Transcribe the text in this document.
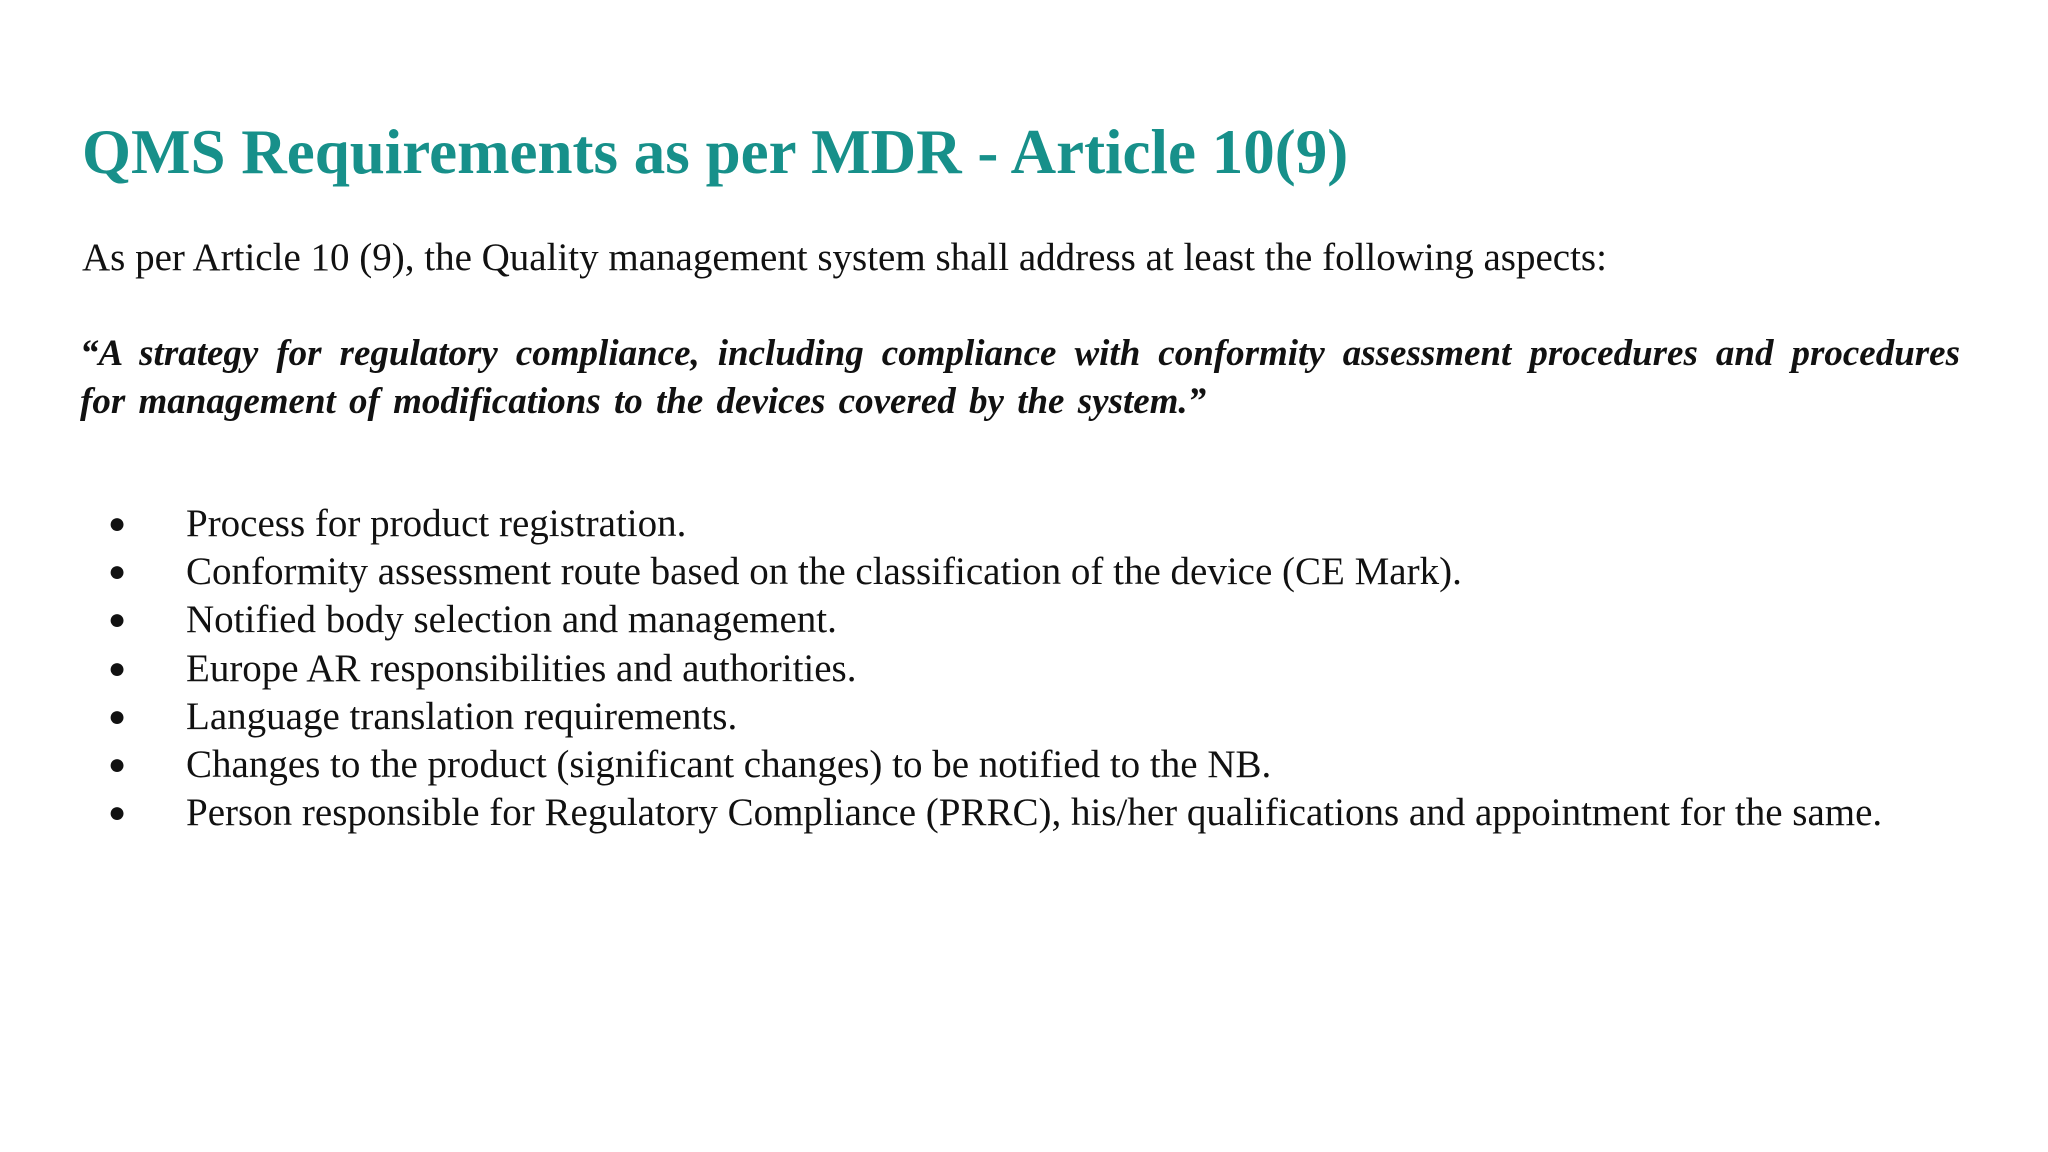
QMS Requirements as per MDR - Article 10(9)

As per Article 10 (9), the Quality management system shall address at least the following aspects:

“A strategy for regulatory compliance, including compliance with conformity assessment procedures and procedures for management of modifications to the devices covered by the system.”

●	Process for product registration.
●	Conformity assessment route based on the classification of the device (CE Mark).
●	Notified body selection and management.
●	Europe AR responsibilities and authorities.
●	Language translation requirements.
●	Changes to the product (significant changes) to be notified to the NB.
●	Person responsible for Regulatory Compliance (PRRC), his/her qualifications and appointment for the same.
